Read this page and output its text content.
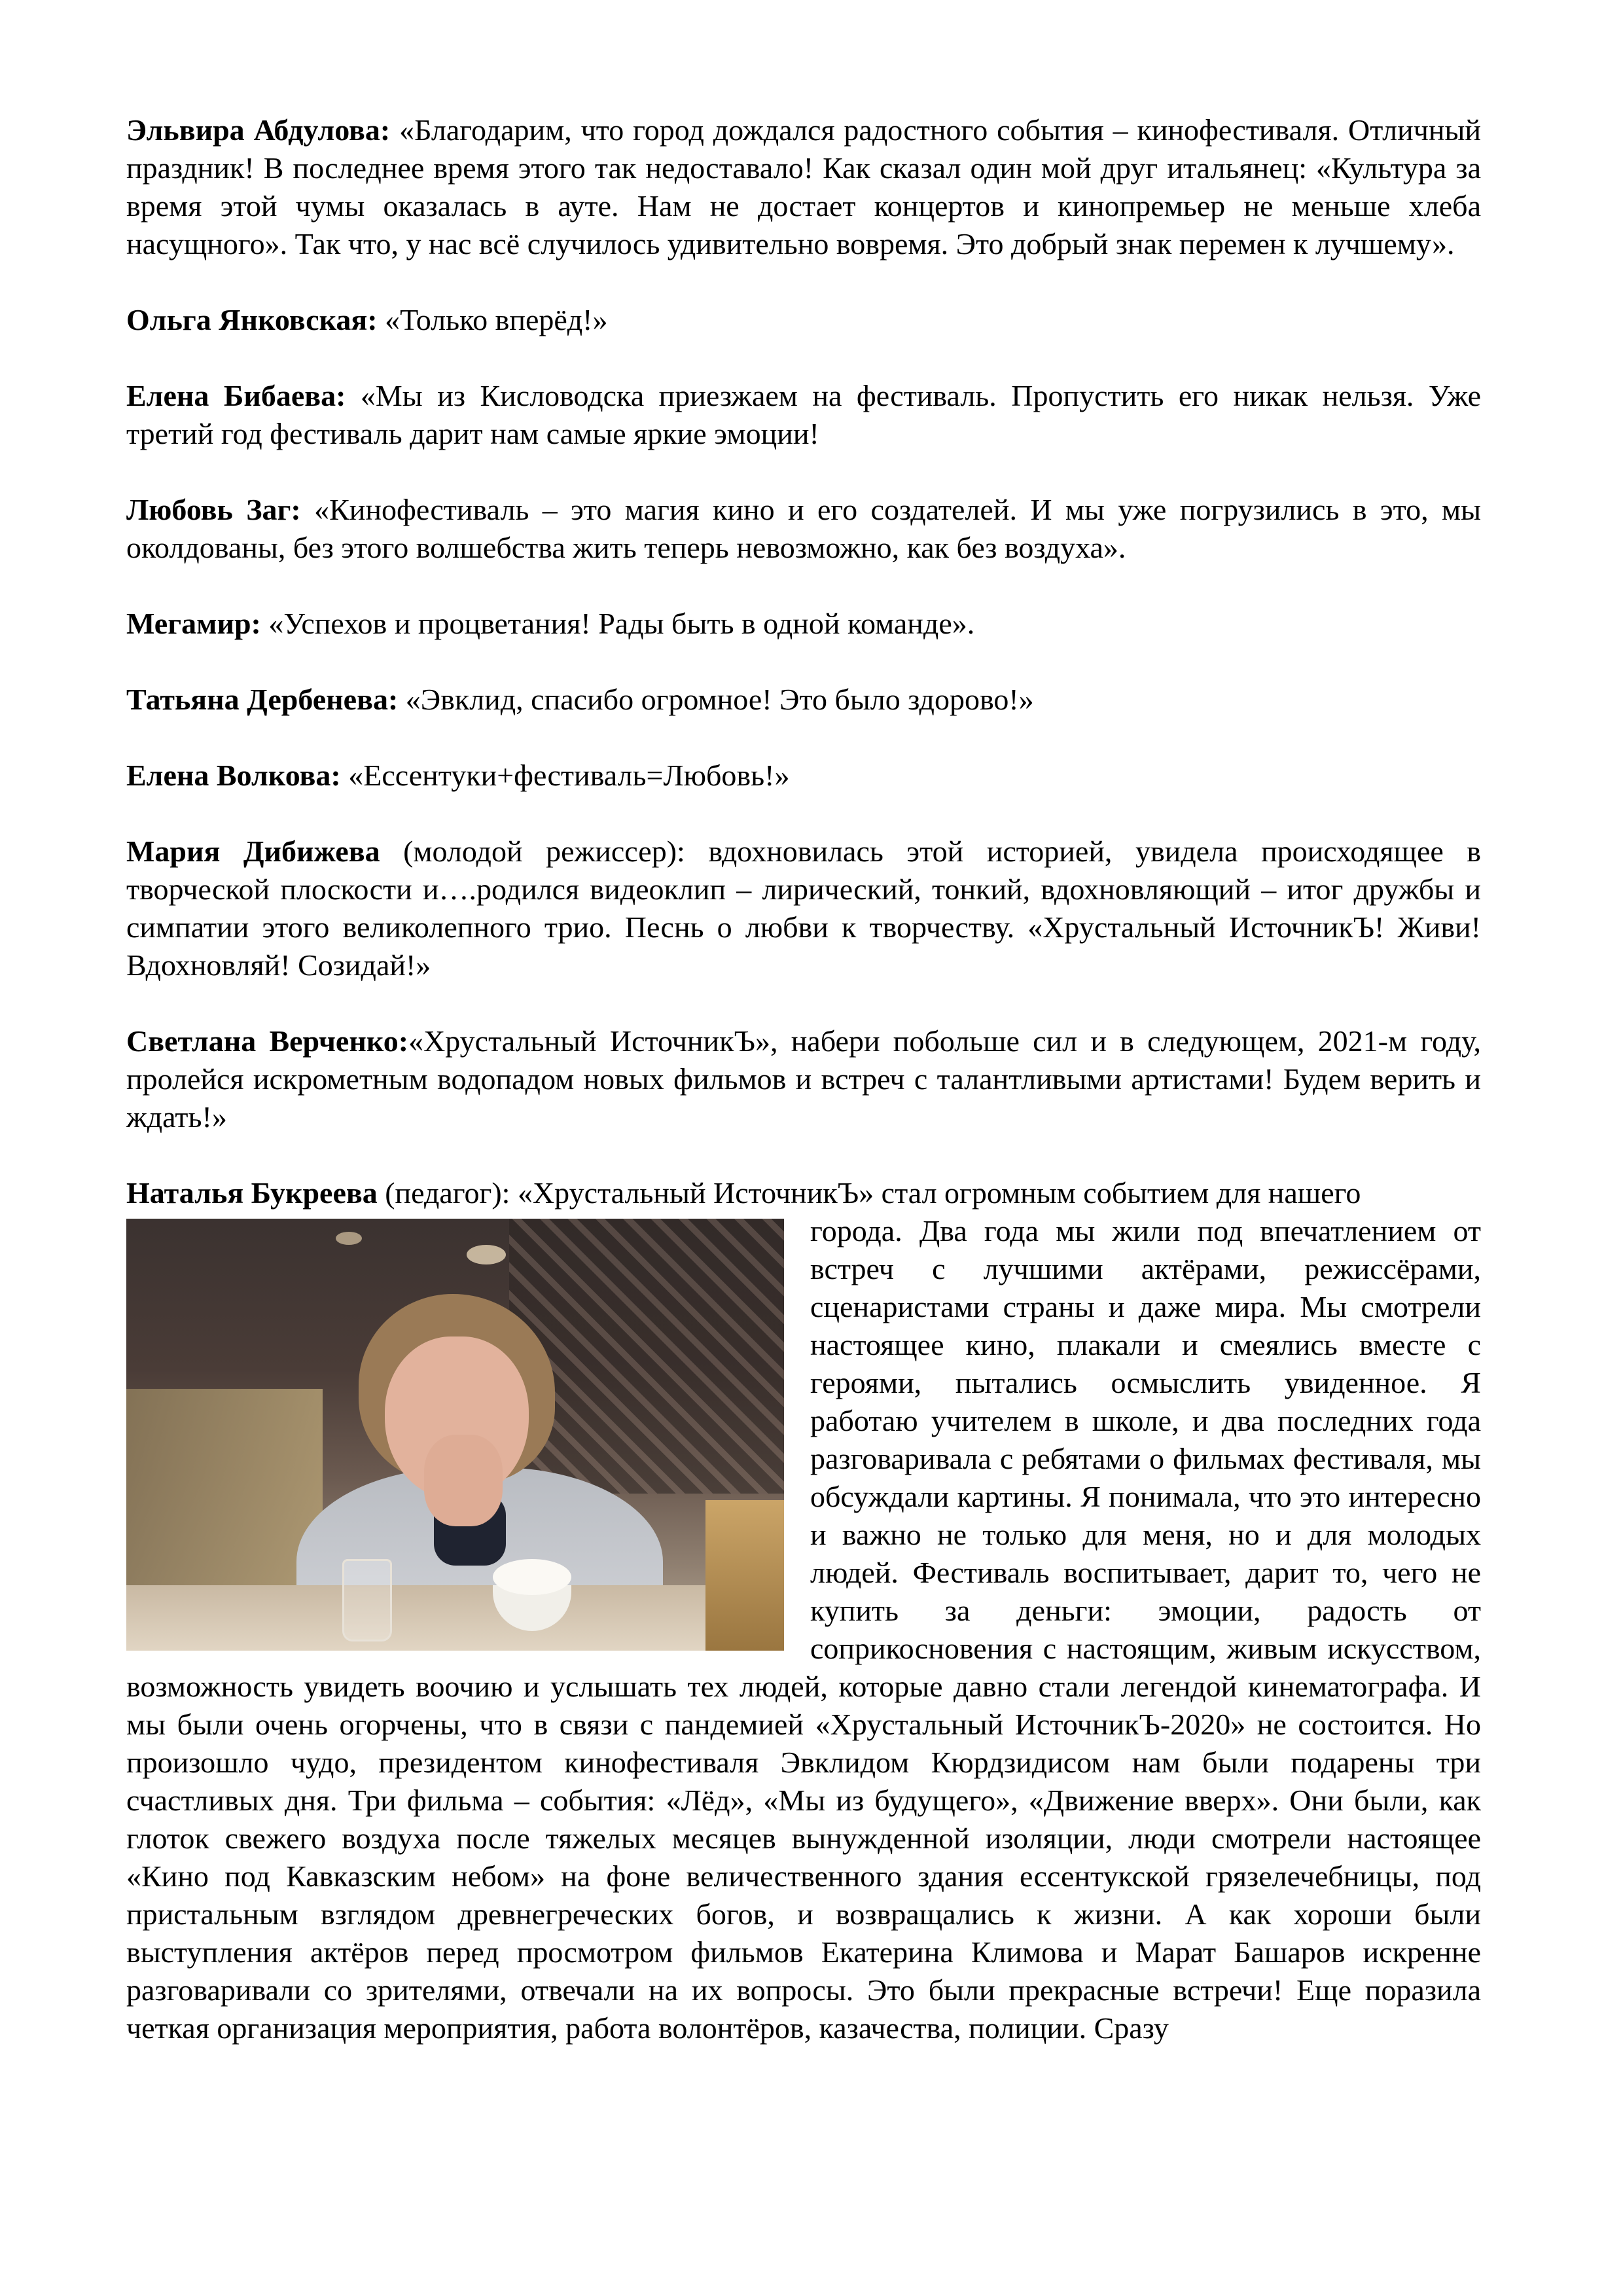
Эльвира Абдулова: «Благодарим, что город дождался радостного события – кинофестиваля. Отличный праздник! В последнее время этого так недоставало! Как сказал один мой друг итальянец: «Культура за время этой чумы оказалась в ауте. Нам не достает концертов и кинопремьер не меньше хлеба насущного». Так что, у нас всё случилось удивительно вовремя. Это добрый знак перемен к лучшему».

Ольга Янковская: «Только вперёд!»

Елена Бибаева: «Мы из Кисловодска приезжаем на фестиваль. Пропустить его никак нельзя. Уже третий год фестиваль дарит нам самые яркие эмоции!

Любовь Заг: «Кинофестиваль – это магия кино и его создателей. И мы уже погрузились в это, мы околдованы, без этого волшебства жить теперь невозможно, как без воздуха».

Мегамир: «Успехов и процветания! Рады быть в одной команде».

Татьяна Дербенева: «Эвклид, спасибо огромное! Это было здорово!»

Елена Волкова: «Ессентуки+фестиваль=Любовь!»

Мария Дибижева (молодой режиссер): вдохновилась этой историей, увидела происходящее в творческой плоскости и….родился видеоклип – лирический, тонкий, вдохновляющий – итог дружбы и симпатии этого великолепного трио. Песнь о любви к творчеству. «Хрустальный ИсточникЪ! Живи! Вдохновляй! Созидай!»

Светлана Верченко:«Хрустальный ИсточникЪ», набери побольше сил и в следующем, 2021-м году, пролейся искрометным водопадом новых фильмов и встреч с талантливыми артистами! Будем верить и ждать!»

Наталья Букреева (педагог): «Хрустальный ИсточникЪ» стал огромным событием для нашего

города. Два года мы жили под впечатлением от встреч с лучшими актёрами, режиссёрами, сценаристами страны и даже мира. Мы смотрели настоящее кино, плакали и смеялись вместе с героями, пытались осмыслить увиденное. Я работаю учителем в школе, и два последних года разговаривала с ребятами о фильмах фестиваля, мы обсуждали картины. Я понимала, что это интересно и важно не только для меня, но и для молодых людей. Фестиваль воспитывает, дарит то, чего не купить за деньги: эмоции, радость от соприкосновения с настоящим, живым искусством, возможность увидеть воочию и услышать тех людей, которые давно стали легендой кинематографа. И мы были очень огорчены, что в связи с пандемией «Хрустальный ИсточникЪ-2020» не состоится. Но произошло чудо, президентом кинофестиваля Эвклидом Кюрдзидисом нам были подарены три счастливых дня. Три фильма – события: «Лёд», «Мы из будущего», «Движение вверх». Они были, как глоток свежего воздуха после тяжелых месяцев вынужденной изоляции, люди смотрели настоящее «Кино под Кавказским небом» на фоне величественного здания ессентукской грязелечебницы, под пристальным взглядом древнегреческих богов, и возвращались к жизни. А как хороши были выступления актёров перед просмотром фильмов Екатерина Климова и Марат Башаров искренне разговаривали со зрителями, отвечали на их вопросы. Это были прекрасные встречи! Еще поразила четкая организация мероприятия, работа волонтёров, казачества, полиции. Сразу
